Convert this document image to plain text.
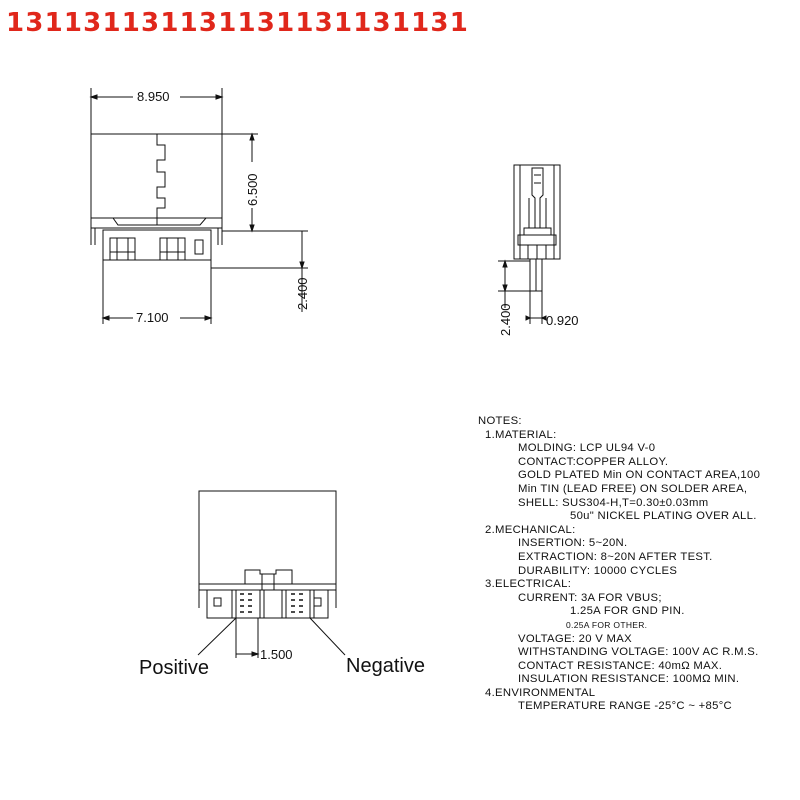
131131131131131131131131
8.950
6.500
2.400
7.100	2.400	0.920
1.500
Positive	Negative
NOTES:
1.MATERIAL:
MOLDING: LCP UL94 V-0
CONTACT:COPPER ALLOY.
GOLD PLATED Min ON CONTACT AREA,100
Min TIN (LEAD FREE) ON SOLDER AREA,
SHELL: SUS304-H,T=0.30±0.03mm
50u" NICKEL PLATING OVER ALL.
2.MECHANICAL:
INSERTION: 5~20N.
EXTRACTION: 8~20N AFTER TEST.
DURABILITY: 10000 CYCLES
3.ELECTRICAL:
CURRENT: 3A FOR VBUS;
1.25A FOR GND PIN.
0.25A FOR OTHER.
VOLTAGE: 20 V MAX
WITHSTANDING VOLTAGE: 100V AC R.M.S.
CONTACT RESISTANCE: 40mΩ MAX.
INSULATION RESISTANCE: 100MΩ MIN.
4.ENVIRONMENTAL
TEMPERATURE RANGE -25°C ~ +85°C
